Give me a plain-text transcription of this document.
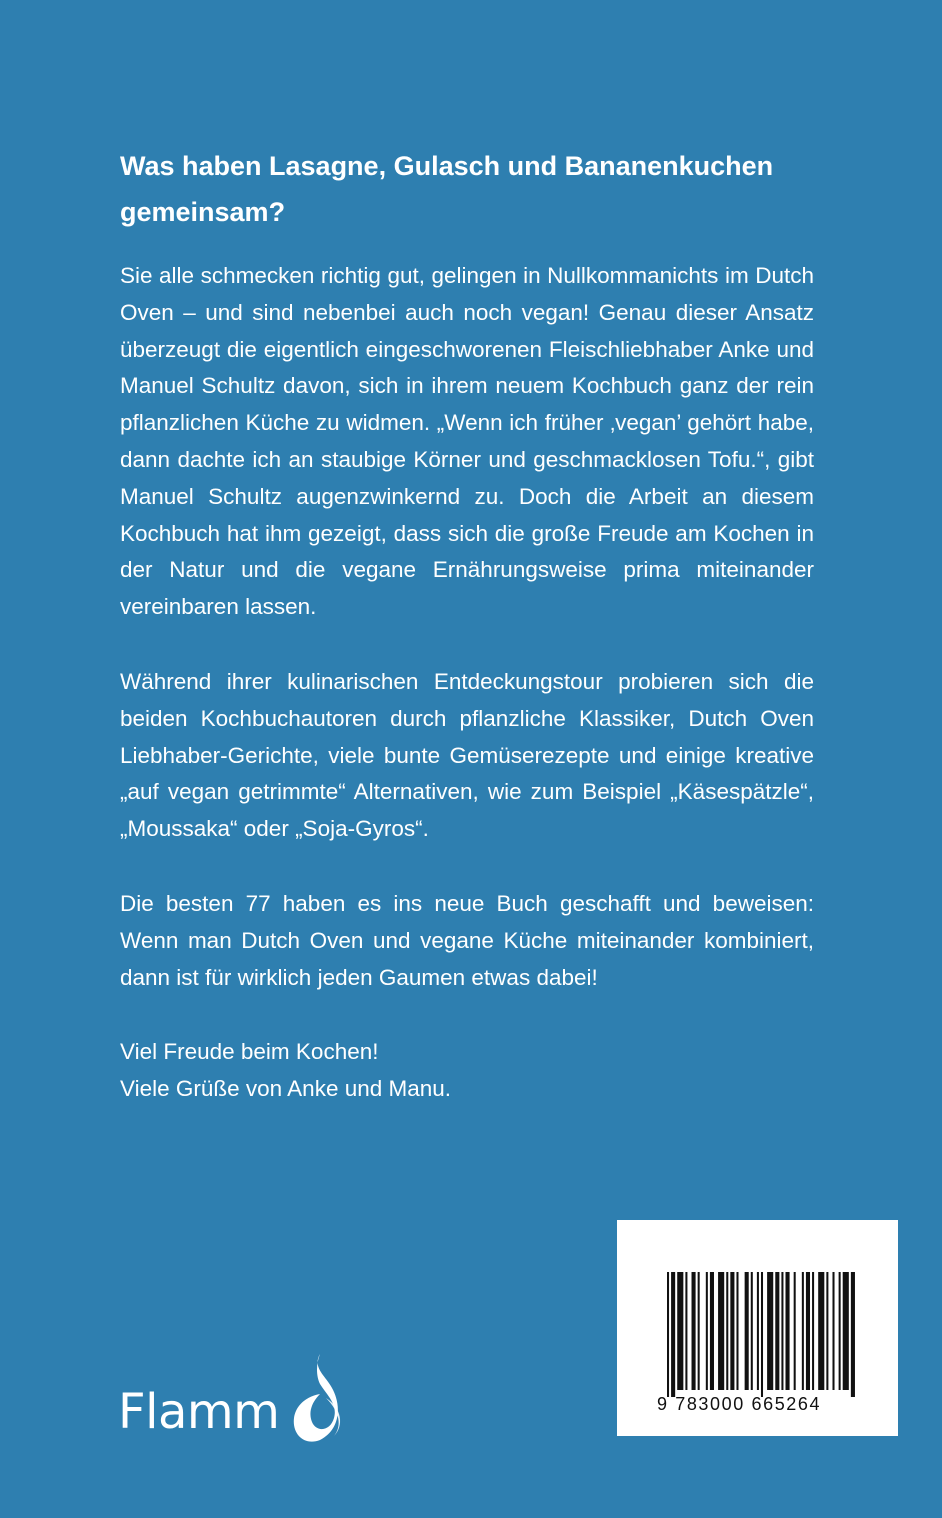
Was haben Lasagne, Gulasch und Bananenkuchen gemeinsam?

Sie alle schmecken richtig gut, gelingen in Nullkommanichts im Dutch Oven – und sind nebenbei auch noch vegan! Genau dieser Ansatz überzeugt die eigentlich eingeschworenen Fleischliebhaber Anke und Manuel Schultz davon, sich in ihrem neuem Kochbuch ganz der rein pflanzlichen Küche zu widmen. „Wenn ich früher ‚vegan’ gehört habe, dann dachte ich an staubige Körner und geschmacklosen Tofu.“, gibt Manuel Schultz augenzwinkernd zu. Doch die Arbeit an diesem Kochbuch hat ihm gezeigt, dass sich die große Freude am Kochen in der Natur und die vegane Ernährungsweise prima miteinander vereinbaren lassen.

Während ihrer kulinarischen Entdeckungstour probieren sich die beiden Kochbuchautoren durch pflanzliche Klassiker, Dutch Oven Liebhaber-Gerichte, viele bunte Gemüserezepte und einige kreative „auf vegan getrimmte“ Alternativen, wie zum Beispiel „Käsespätzle“, „Moussaka“ oder „Soja-Gyros“.

Die besten 77 haben es ins neue Buch geschafft und beweisen: Wenn man Dutch Oven und vegane Küche miteinander kombiniert, dann ist für wirklich jeden Gaumen etwas dabei!

Viel Freude beim Kochen!
Viele Grüße von Anke und Manu.

Flamm	9 783000 665264
